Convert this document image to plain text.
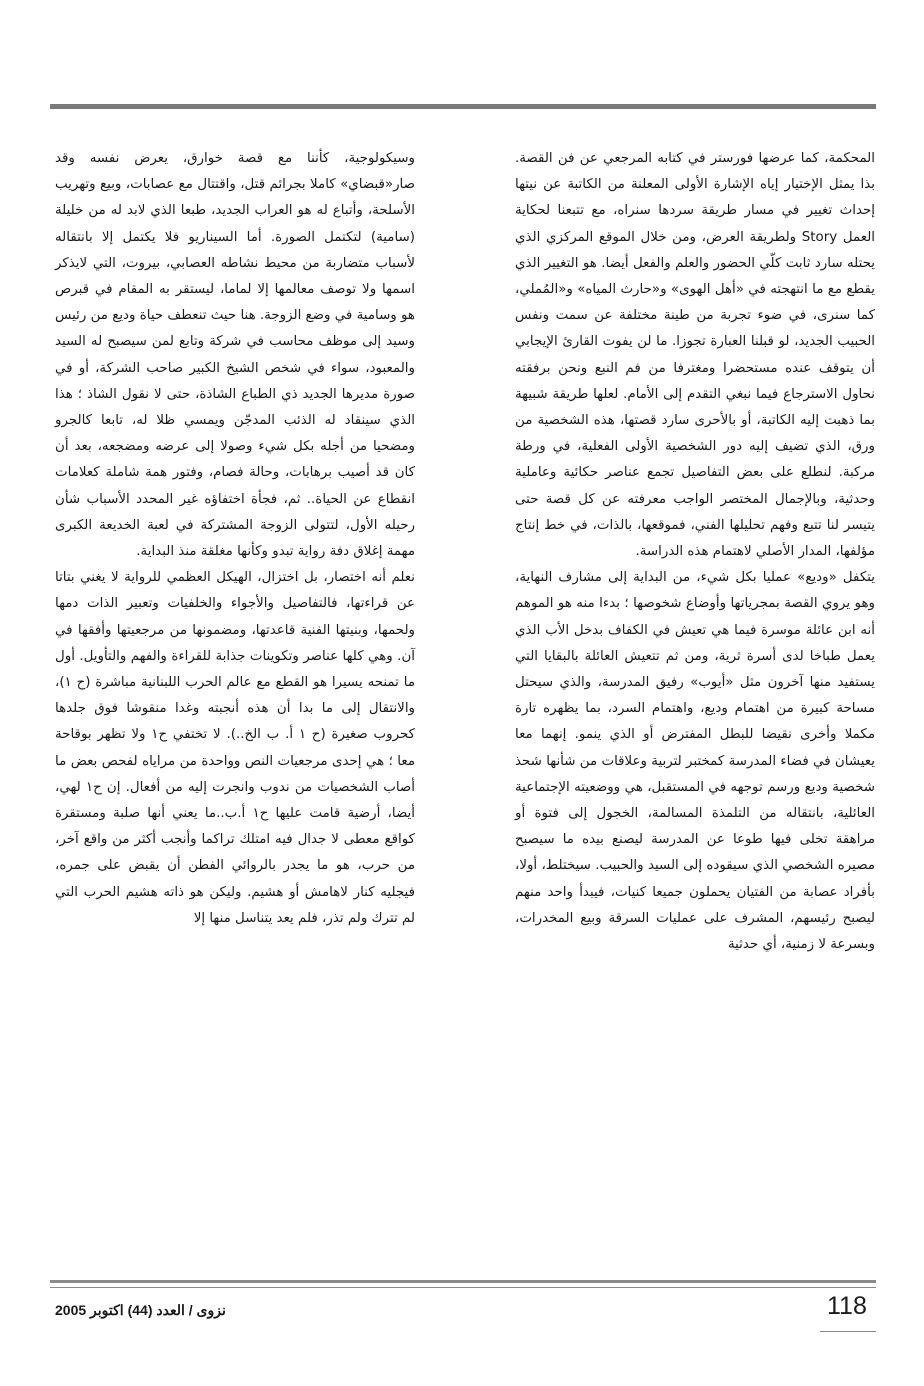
المحكمة، كما عرضها فورستر في كتابه المرجعي عن فن القصة. بذا يمثل الإختيار إياه الإشارة الأولى المعلنة من الكاتبة عن نيتها إحداث تغيير في مسار طريقة سردها سنراه، مع تتبعنا لحكاية العمل Story ولطريقة العرض، ومن خلال الموقع المركزي الذي يحتله سارد ثابت كلّي الحضور والعلم والفعل أيضا. هو التغيير الذي يقطع مع ما انتهجته في «أهل الهوى» و«حارث المياه» و«المُملي، كما سنرى، في ضوء تجربة من طينة مختلفة عن سمت ونفس الحبيب الجديد، لو قبلنا العبارة تجوزا. ما لن يفوت القارئ الإيجابي أن يتوقف عنده مستحضرا ومغترفا من فم النبع ونحن برفقته نحاول الاسترجاع فيما نبغي التقدم إلى الأمام. لعلها طريقة شبيهة بما ذهبت إليه الكاتبة، أو بالأحرى سارد قصتها، هذه الشخصية من ورق، الذي تضيف إليه دور الشخصية الأولى الفعلية، في ورطة مركبة. لنطلع على بعض التفاصيل تجمع عناصر حكائية وعاملية وحدثية، وبالإجمال المختصر الواجب معرفته عن كل قصة حتى يتيسر لنا تتبع وفهم تحليلها الفني، فموقعها، بالذات، في خط إنتاج مؤلفها، المدار الأصلي لاهتمام هذه الدراسة.

يتكفل «وديع» عمليا بكل شيء، من البداية إلى مشارف النهاية، وهو يروي القصة بمجرياتها وأوضاع شخوصها ؛ بدءا منه هو الموهم أنه ابن عائلة موسرة فيما هي تعيش في الكفاف بدخل الأب الذي يعمل طباخا لدى أسرة ثرية، ومن ثم تتعيش العائلة بالبقايا التي يستفيد منها آخرون مثل «أيوب» رفيق المدرسة، والذي سيحتل مساحة كبيرة من اهتمام وديع، واهتمام السرد، بما يظهره تارة مكملا وأخرى نقيضا للبطل المفترض أو الذي ينمو. إنهما معا يعيشان في فضاء المدرسة كمختبر لتربية وعلاقات من شأنها شحذ شخصية وديع ورسم توجهه في المستقبل، هي ووضعيته الإجتماعية العائلية، بانتقاله من التلمذة المسالمة، الخجول إلى فتوة أو مراهقة تخلى فيها طوعا عن المدرسة ليصنع بيده ما سيصبح مصيره الشخصي الذي سيقوده إلى السيد والحبيب. سيختلط، أولا، بأفراد عصابة من الفتيان يحملون جميعا كنيات، فيبدأ واحد منهم ليصبح رئيسهم، المشرف على عمليات السرقة وبيع المخدرات، وبسرعة لا زمنية، أي حدثية

وسيكولوجية، كأننا مع قصة خوارق، يعرض نفسه وقد صار«قبضاي» كاملا بجرائم قتل، واقتتال مع عصابات، وبيع وتهريب الأسلحة، وأتباع له هو العراب الجديد، طبعا الذي لابد له من خليلة (سامية) لتكتمل الصورة. أما السيناريو فلا يكتمل إلا بانتقاله لأسباب متضاربة من محيط نشاطه العصابي، بيروت، التي لايذكر اسمها ولا توصف معالمها إلا لماما، ليستقر به المقام في قبرص هو وسامية في وضع الزوجة. هنا حيث تنعطف حياة وديع من رئيس وسيد إلى موظف محاسب في شركة وتابع لمن سيصبح له السيد والمعبود، سواء في شخص الشيخ الكبير صاحب الشركة، أو في صورة مديرها الجديد ذي الطباع الشاذة، حتى لا نقول الشاذ ؛ هذا الذي سينقاد له الذئب المدجّن ويمسي ظلا له، تابعا كالجرو ومضحيا من أجله بكل شيء وصولا إلى عرضه ومضجعه، بعد أن كان قد أصيب برهابات، وحالة فصام، وفتور همة شاملة كعلامات انقطاع عن الحياة.. ثم، فجأة اختفاؤه غير المحدد الأسباب شأن رحيله الأول، لتتولى الزوجة المشتركة في لعبة الخديعة الكبرى مهمة إغلاق دفة رواية تبدو وكأنها مغلقة منذ البداية.

نعلم أنه اختصار، بل اختزال، الهيكل العظمي للرواية لا يغني بتاتا عن قراءتها، فالتفاصيل والأجواء والخلفيات وتعبير الذات دمها ولحمها، وبنيتها الفنية قاعدتها، ومضمونها من مرجعيتها وأفقها في آن. وهي كلها عناصر وتكوينات جذابة للقراءة والفهم والتأويل. أول ما تمنحه يسيرا هو القطع مع عالم الحرب اللبنانية مباشرة (ح ١)، والانتقال إلى ما بدا أن هذه أنجبته وغدا منقوشا فوق جلدها كحروب صغيرة (ح ١ أ. ب الخ..). لا تختفي ح١ ولا تظهر بوقاحة معا ؛ هي إحدى مرجعيات النص وواحدة من مراياه لفحص بعض ما أصاب الشخصيات من ندوب وانجرت إليه من أفعال. إن ح١ لهي، أيضا، أرضية قامت عليها ح١ أ.ب..ما يعني أنها صلبة ومستقرة كواقع معطى لا جدال فيه امتلك تراكما وأنجب أكثر من واقع آخر، من حرب، هو ما يجدر بالروائي الفطن أن يقبض على جمره، فيجليه كنار لاهامش أو هشيم. وليكن هو ذاته هشيم الحرب التي لم تترك ولم تذر، فلم يعد يتناسل منها إلا

118
نزوى / العدد (44) اكتوبر 2005
